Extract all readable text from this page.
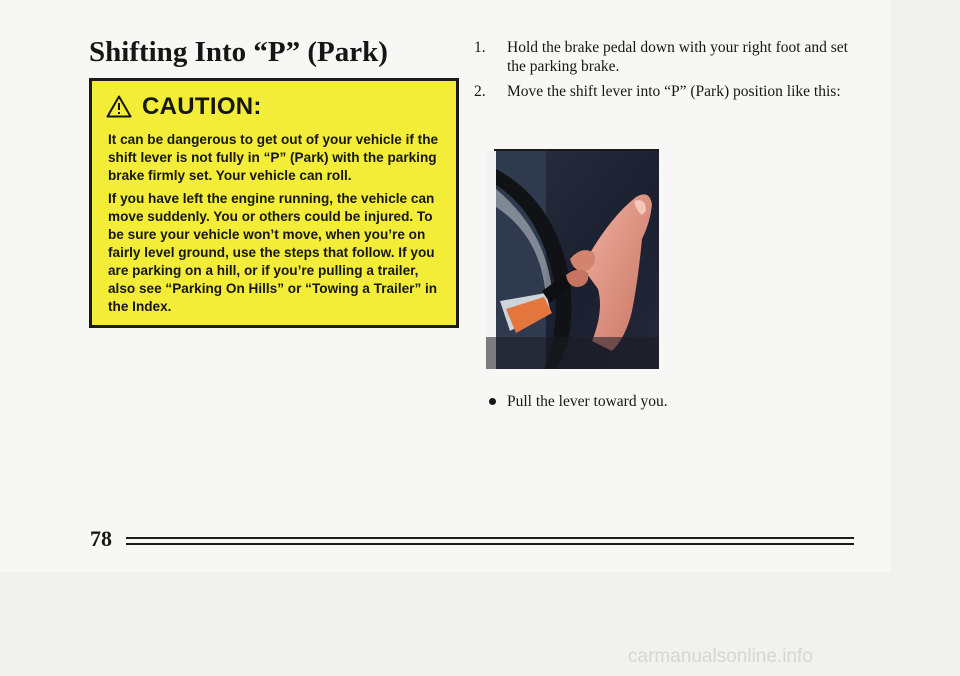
Shifting Into “P” (Park)
CAUTION:

It can be dangerous to get out of your vehicle if the shift lever is not fully in “P” (Park) with the parking brake firmly set. Your vehicle can roll.

If you have left the engine running, the vehicle can move suddenly. You or others could be injured. To be sure your vehicle won’t move, when you’re on fairly level ground, use the steps that follow. If you are parking on a hill, or if you’re pulling a trailer, also see “Parking On Hills” or “Towing a Trailer” in the Index.

1. Hold the brake pedal down with your right foot and set the parking brake.
2. Move the shift lever into “P” (Park) position like this:
Pull the lever toward you.
78
carmanualsonline.info
